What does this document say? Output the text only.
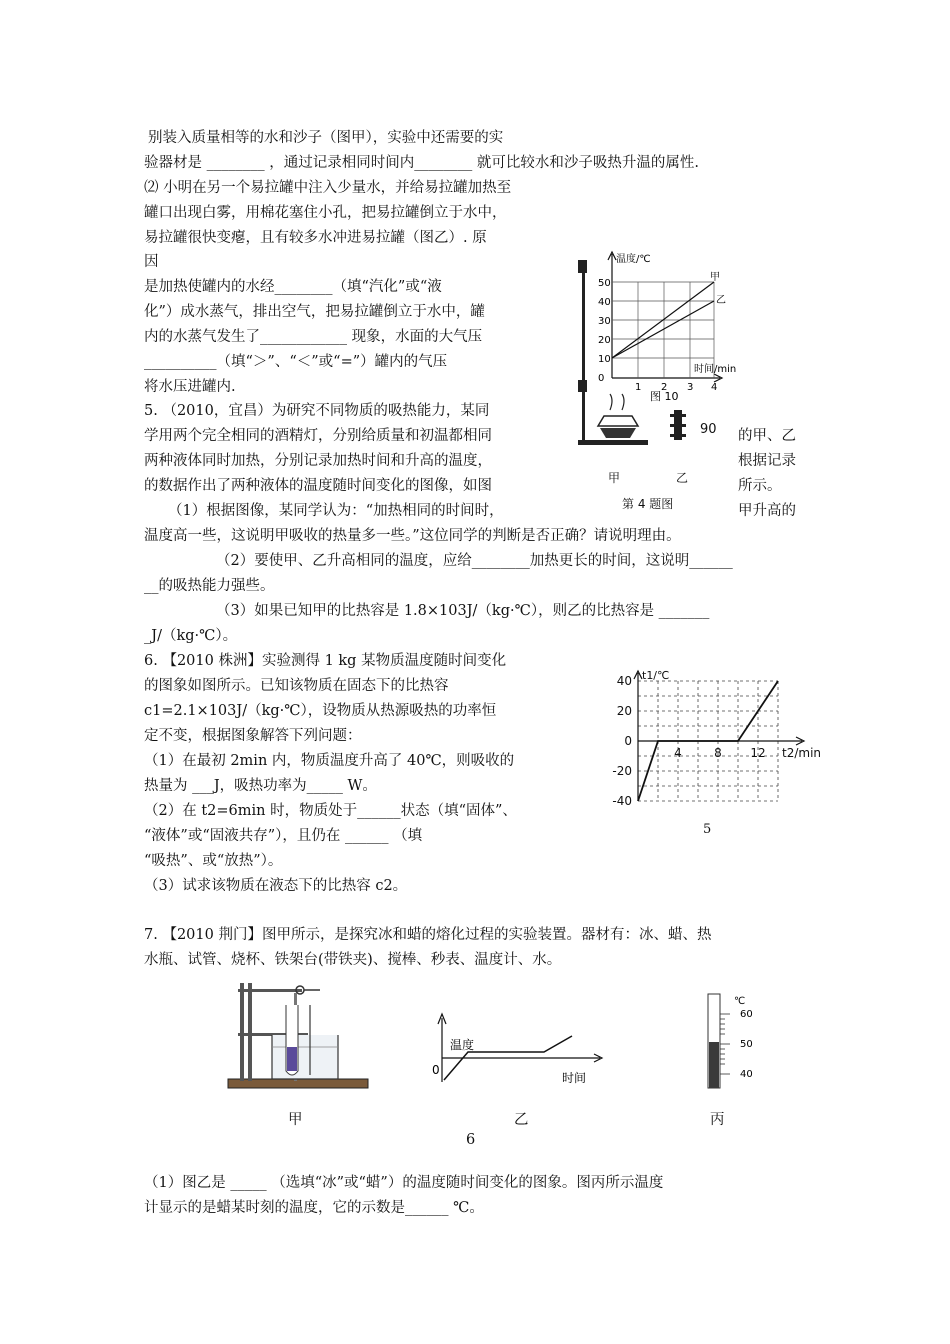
别装入质量相等的水和沙子（图甲），实验中还需要的实
验器材是 ________ ，通过记录相同时间内________ 就可比较水和沙子吸热升温的属性.
⑵ 小明在另一个易拉罐中注入少量水，并给易拉罐加热至
罐口出现白雾，用棉花塞住小孔，把易拉罐倒立于水中，
易拉罐很快变瘪，且有较多水冲进易拉罐（图乙）. 原
因
是加热使罐内的水经________（填“汽化”或“液
化”）成水蒸气，排出空气，把易拉罐倒立于水中，罐
内的水蒸气发生了____________ 现象，水面的大气压
__________（填“＞”、“＜”或“=”）罐内的气压
将水压进罐内.
90
甲	乙
第 4 题图
甲
乙
温度/℃
时间/min
0
10
20
30
40
50
1 2 3 4
图 10
5. （2010，宜昌）为研究不同物质的吸热能力，某同
学用两个完全相同的酒精灯，分别给质量和初温都相同	的甲、乙
两种液体同时加热，分别记录加热时间和升高的温度，	根据记录
的数据作出了两种液体的温度随时间变化的图像，如图	所示。
（1）根据图像，某同学认为：“加热相同的时间时，	甲升高的
温度高一些，这说明甲吸收的热量多一些。”这位同学的判断是否正确？请说明理由。
（2）要使甲、乙升高相同的温度，应给________加热更长的时间，这说明______
__的吸热能力强些。
（3）如果已知甲的比热容是 1.8×103J/（kg·℃），则乙的比热容是 _______
_J/（kg·℃）。
6. 【2010 株洲】实验测得 1 kg 某物质温度随时间变化
的图象如图所示。已知该物质在固态下的比热容
c1=2.1×103J/（kg·℃），设物质从热源吸热的功率恒
定不变，根据图象解答下列问题：
（1）在最初 2min 内，物质温度升高了 40℃，则吸收的
热量为 ___J，吸热功率为_____ W。
（2）在 t2=6min 时，物质处于______状态（填“固体”、
“液体”或“固液共存”），且仍在 ______ （填
“吸热”、或“放热”）。
（3）试求该物质在液态下的比热容 c2。
40
20
0
-20
-40
4	8 12
t1/℃
t2/min
5
7. 【2010 荆门】图甲所示，是探究冰和蜡的熔化过程的实验装置。器材有：冰、蜡、热
水瓶、试管、烧杯、铁架台(带铁夹)、搅棒、秒表、温度计、水。
温度
0
时间
℃
60
50
40
甲	乙	丙
6
（1）图乙是 _____ （选填“冰”或“蜡”）的温度随时间变化的图象。图丙所示温度
计显示的是蜡某时刻的温度，它的示数是______ ℃。
